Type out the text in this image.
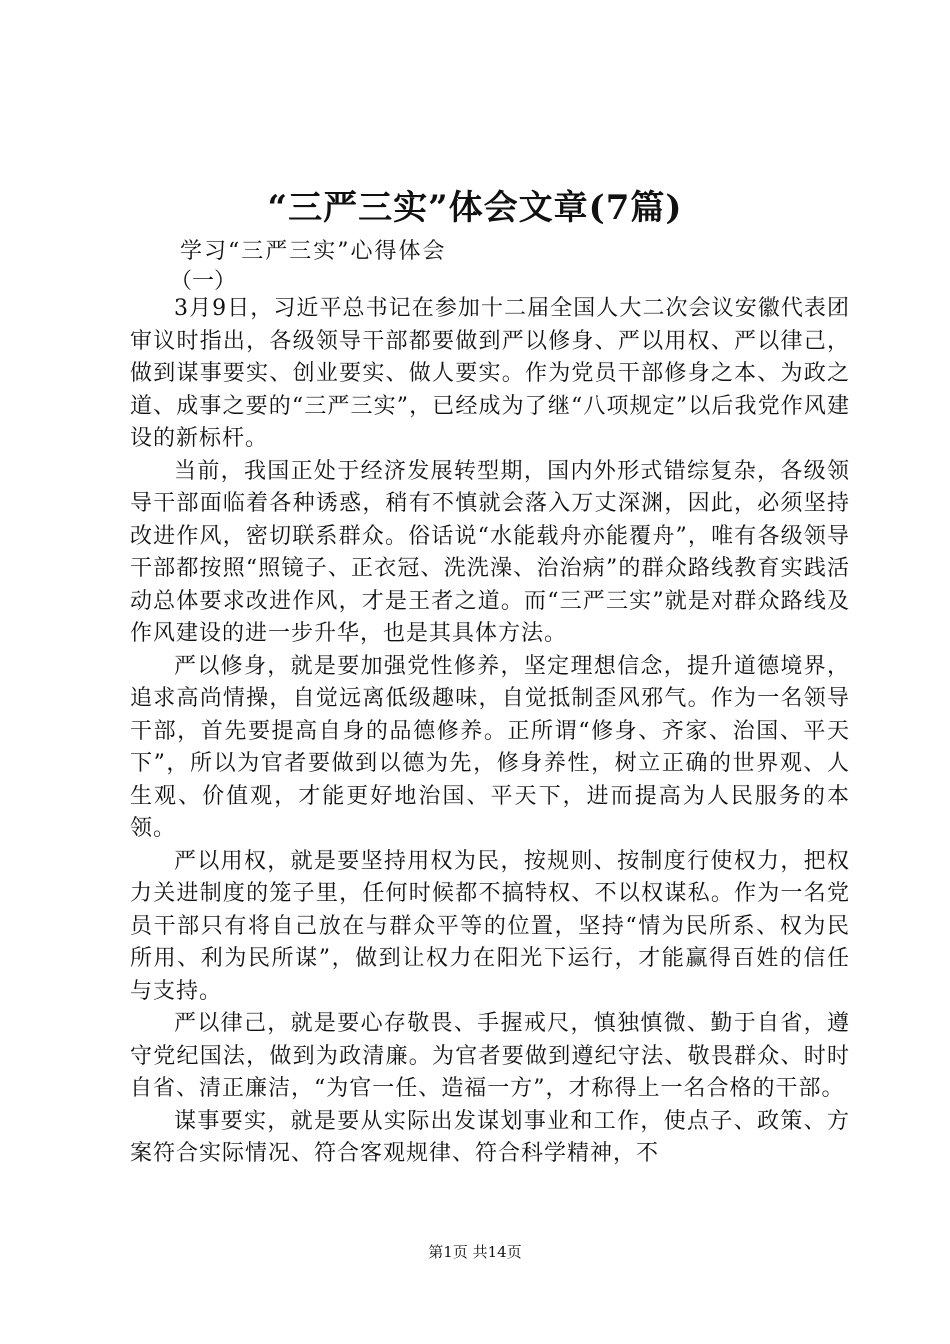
“三严三实”体会文章(7篇)
学习“三严三实”心得体会
（一）

3月9日，习近平总书记在参加十二届全国人大二次会议安徽代表团审议时指出，各级领导干部都要做到严以修身、严以用权、严以律己，做到谋事要实、创业要实、做人要实。作为党员干部修身之本、为政之道、成事之要的“三严三实”，已经成为了继“八项规定”以后我党作风建设的新标杆。

当前，我国正处于经济发展转型期，国内外形式错综复杂，各级领导干部面临着各种诱惑，稍有不慎就会落入万丈深渊，因此，必须坚持改进作风，密切联系群众。俗话说“水能载舟亦能覆舟”，唯有各级领导干部都按照“照镜子、正衣冠、洗洗澡、治治病”的群众路线教育实践活动总体要求改进作风，才是王者之道。而“三严三实”就是对群众路线及作风建设的进一步升华，也是其具体方法。

严以修身，就是要加强党性修养，坚定理想信念，提升道德境界，追求高尚情操，自觉远离低级趣味，自觉抵制歪风邪气。作为一名领导干部，首先要提高自身的品德修养。正所谓“修身、齐家、治国、平天下”，所以为官者要做到以德为先，修身养性，树立正确的世界观、人生观、价值观，才能更好地治国、平天下，进而提高为人民服务的本领。

严以用权，就是要坚持用权为民，按规则、按制度行使权力，把权力关进制度的笼子里，任何时候都不搞特权、不以权谋私。作为一名党员干部只有将自己放在与群众平等的位置，坚持“情为民所系、权为民所用、利为民所谋”，做到让权力在阳光下运行，才能赢得百姓的信任与支持。

严以律己，就是要心存敬畏、手握戒尺，慎独慎微、勤于自省，遵守党纪国法，做到为政清廉。为官者要做到遵纪守法、敬畏群众、时时自省、清正廉洁，“为官一任、造福一方”，才称得上一名合格的干部。

谋事要实，就是要从实际出发谋划事业和工作，使点子、政策、方案符合实际情况、符合客观规律、符合科学精神，不

第1页 共14页
